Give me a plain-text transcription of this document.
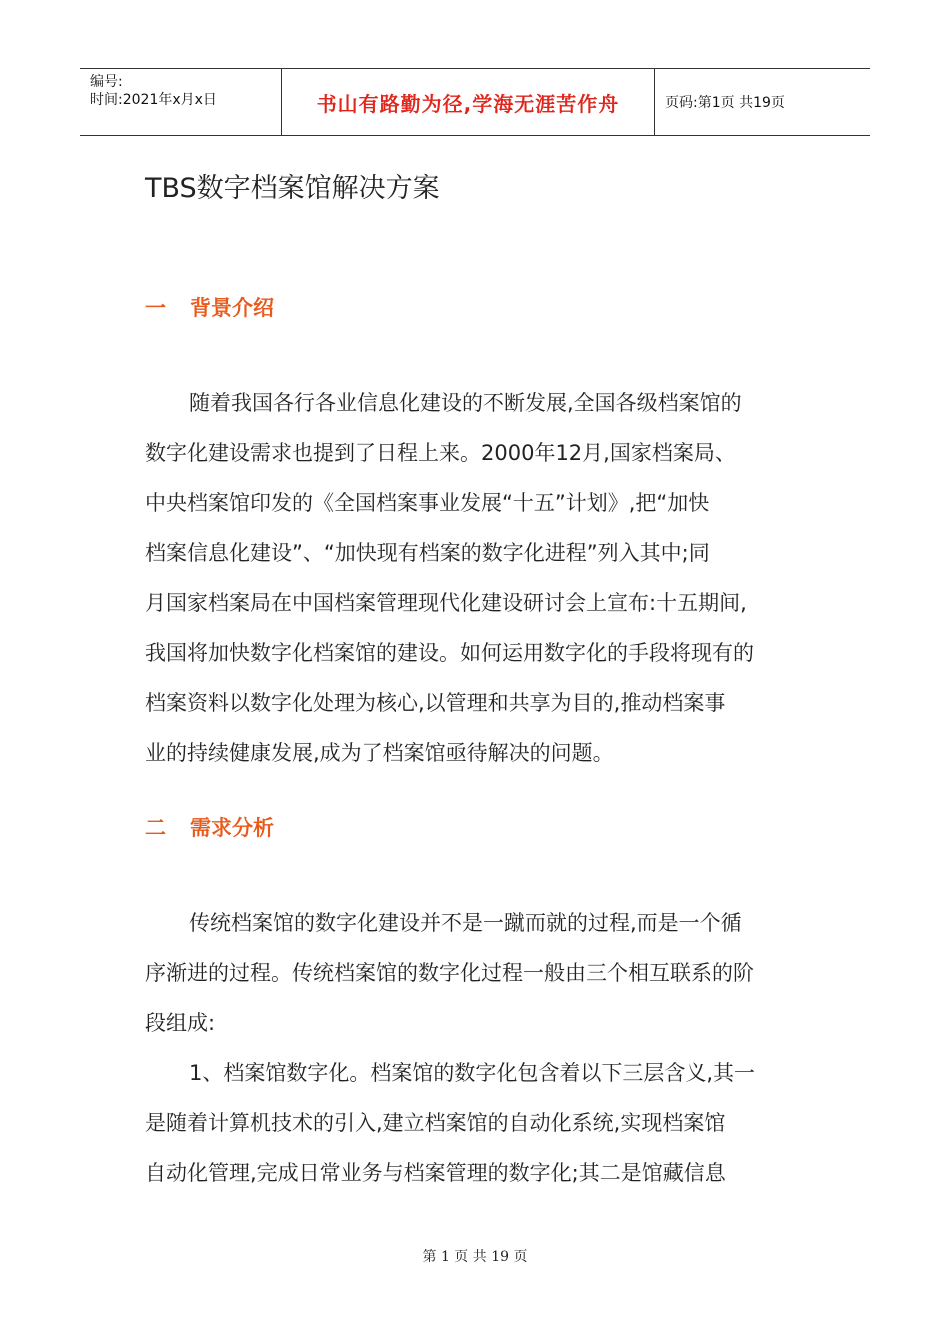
编号:
时间:2021年x月x日	书山有路勤为径,学海无涯苦作舟	页码:第1页 共19页
TBS数字档案馆解决方案
一	背景介绍

随着我国各行各业信息化建设的不断发展,全国各级档案馆的
数字化建设需求也提到了日程上来。2000年12月,国家档案局、
中央档案馆印发的《全国档案事业发展“十五”计划》,把“加快
档案信息化建设”、“加快现有档案的数字化进程”列入其中;同
月国家档案局在中国档案管理现代化建设研讨会上宣布:十五期间,
我国将加快数字化档案馆的建设。如何运用数字化的手段将现有的
档案资料以数字化处理为核心,以管理和共享为目的,推动档案事
业的持续健康发展,成为了档案馆亟待解决的问题。

二	需求分析

传统档案馆的数字化建设并不是一蹴而就的过程,而是一个循
序渐进的过程。传统档案馆的数字化过程一般由三个相互联系的阶
段组成:

1、档案馆数字化。档案馆的数字化包含着以下三层含义,其一
是随着计算机技术的引入,建立档案馆的自动化系统,实现档案馆
自动化管理,完成日常业务与档案管理的数字化;其二是馆藏信息

第 1 页 共 19 页
